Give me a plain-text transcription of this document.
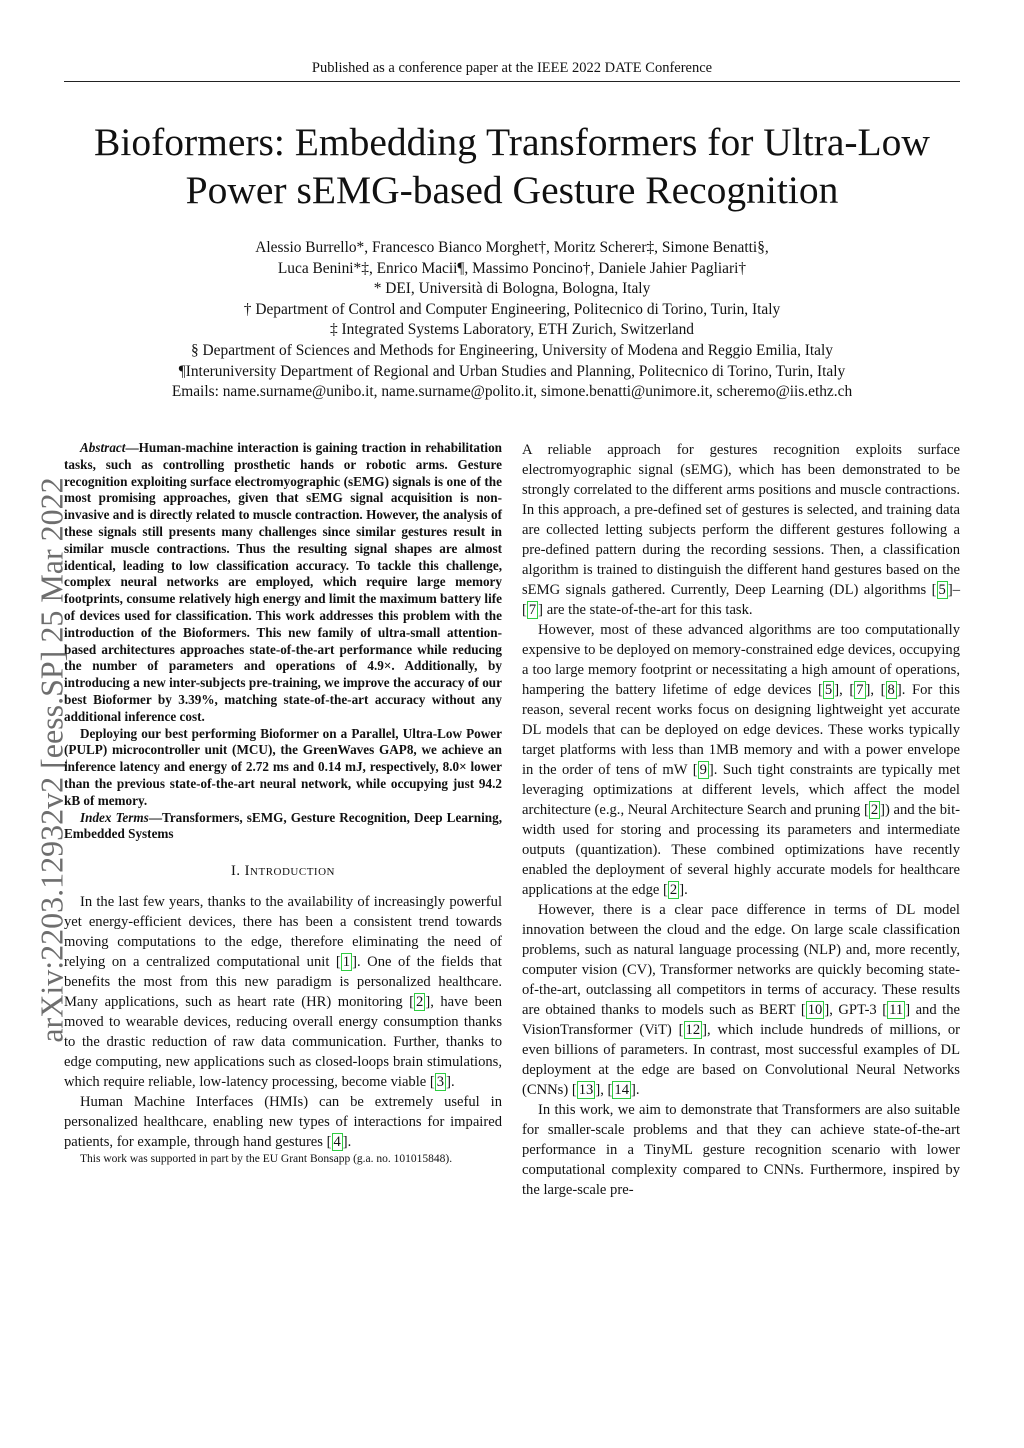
Published as a conference paper at the IEEE 2022 DATE Conference
Bioformers: Embedding Transformers for Ultra-Low
Power sEMG-based Gesture Recognition
Alessio Burrello*, Francesco Bianco Morghet†, Moritz Scherer‡, Simone Benatti§,
Luca Benini*‡, Enrico Macii¶, Massimo Poncino†, Daniele Jahier Pagliari†
* DEI, Università di Bologna, Bologna, Italy
† Department of Control and Computer Engineering, Politecnico di Torino, Turin, Italy
‡ Integrated Systems Laboratory, ETH Zurich, Switzerland
§ Department of Sciences and Methods for Engineering, University of Modena and Reggio Emilia, Italy
¶Interuniversity Department of Regional and Urban Studies and Planning, Politecnico di Torino, Turin, Italy
Emails: name.surname@unibo.it, name.surname@polito.it, simone.benatti@unimore.it, scheremo@iis.ethz.ch
arXiv:2203.12932v2 [eess.SP] 25 Mar 2022

Abstract—Human-machine interaction is gaining traction in rehabilitation tasks, such as controlling prosthetic hands or robotic arms. Gesture recognition exploiting surface electromyographic (sEMG) signals is one of the most promising approaches, given that sEMG signal acquisition is non-invasive and is directly related to muscle contraction. However, the analysis of these signals still presents many challenges since similar gestures result in similar muscle contractions. Thus the resulting signal shapes are almost identical, leading to low classification accuracy. To tackle this challenge, complex neural networks are employed, which require large memory footprints, consume relatively high energy and limit the maximum battery life of devices used for classification. This work addresses this problem with the introduction of the Bioformers. This new family of ultra-small attention-based architectures approaches state-of-the-art performance while reducing the number of parameters and operations of 4.9×. Additionally, by introducing a new inter-subjects pre-training, we improve the accuracy of our best Bioformer by 3.39%, matching state-of-the-art accuracy without any additional inference cost.

Deploying our best performing Bioformer on a Parallel, Ultra-Low Power (PULP) microcontroller unit (MCU), the GreenWaves GAP8, we achieve an inference latency and energy of 2.72 ms and 0.14 mJ, respectively, 8.0× lower than the previous state-of-the-art neural network, while occupying just 94.2 kB of memory.

Index Terms—Transformers, sEMG, Gesture Recognition, Deep Learning, Embedded Systems

I. INTRODUCTION

In the last few years, thanks to the availability of increasingly powerful yet energy-efficient devices, there has been a consistent trend towards moving computations to the edge, therefore eliminating the need of relying on a centralized computational unit [ 1 ]. One of the fields that benefits the most from this new paradigm is personalized healthcare. Many applications, such as heart rate (HR) monitoring [ 2 ], have been moved to wearable devices, reducing overall energy consumption thanks to the drastic reduction of raw data communication. Further, thanks to edge computing, new applications such as closed-loops brain stimulations, which require reliable, low-latency processing, become viable [ 3 ].

Human Machine Interfaces (HMIs) can be extremely useful in personalized healthcare, enabling new types of interactions for impaired patients, for example, through hand gestures [ 4 ].

This work was supported in part by the EU Grant Bonsapp (g.a. no. 101015848).

A reliable approach for gestures recognition exploits surface electromyographic signal (sEMG), which has been demonstrated to be strongly correlated to the different arms positions and muscle contractions. In this approach, a pre-defined set of gestures is selected, and training data are collected letting subjects perform the different gestures following a pre-defined pattern during the recording sessions. Then, a classification algorithm is trained to distinguish the different hand gestures based on the sEMG signals gathered. Currently, Deep Learning (DL) algorithms [ 5 ]–[ 7 ] are the state-of-the-art for this task.

However, most of these advanced algorithms are too computationally expensive to be deployed on memory-constrained edge devices, occupying a too large memory footprint or necessitating a high amount of operations, hampering the battery lifetime of edge devices [ 5 ], [ 7 ], [ 8 ]. For this reason, several recent works focus on designing lightweight yet accurate DL models that can be deployed on edge devices. These works typically target platforms with less than 1MB memory and with a power envelope in the order of tens of mW [ 9 ]. Such tight constraints are typically met leveraging optimizations at different levels, which affect the model architecture (e.g., Neural Architecture Search and pruning [ 2 ]) and the bit-width used for storing and processing its parameters and intermediate outputs (quantization). These combined optimizations have recently enabled the deployment of several highly accurate models for healthcare applications at the edge [ 2 ].

However, there is a clear pace difference in terms of DL model innovation between the cloud and the edge. On large scale classification problems, such as natural language processing (NLP) and, more recently, computer vision (CV), Transformer networks are quickly becoming state-of-the-art, outclassing all competitors in terms of accuracy. These results are obtained thanks to models such as BERT [ 10 ], GPT-3 [ 11 ] and the VisionTransformer (ViT) [ 12 ], which include hundreds of millions, or even billions of parameters. In contrast, most successful examples of DL deployment at the edge are based on Convolutional Neural Networks (CNNs) [ 13 ], [ 14 ].

In this work, we aim to demonstrate that Transformers are also suitable for smaller-scale problems and that they can achieve state-of-the-art performance in a TinyML gesture recognition scenario with lower computational complexity compared to CNNs. Furthermore, inspired by the large-scale pre-
